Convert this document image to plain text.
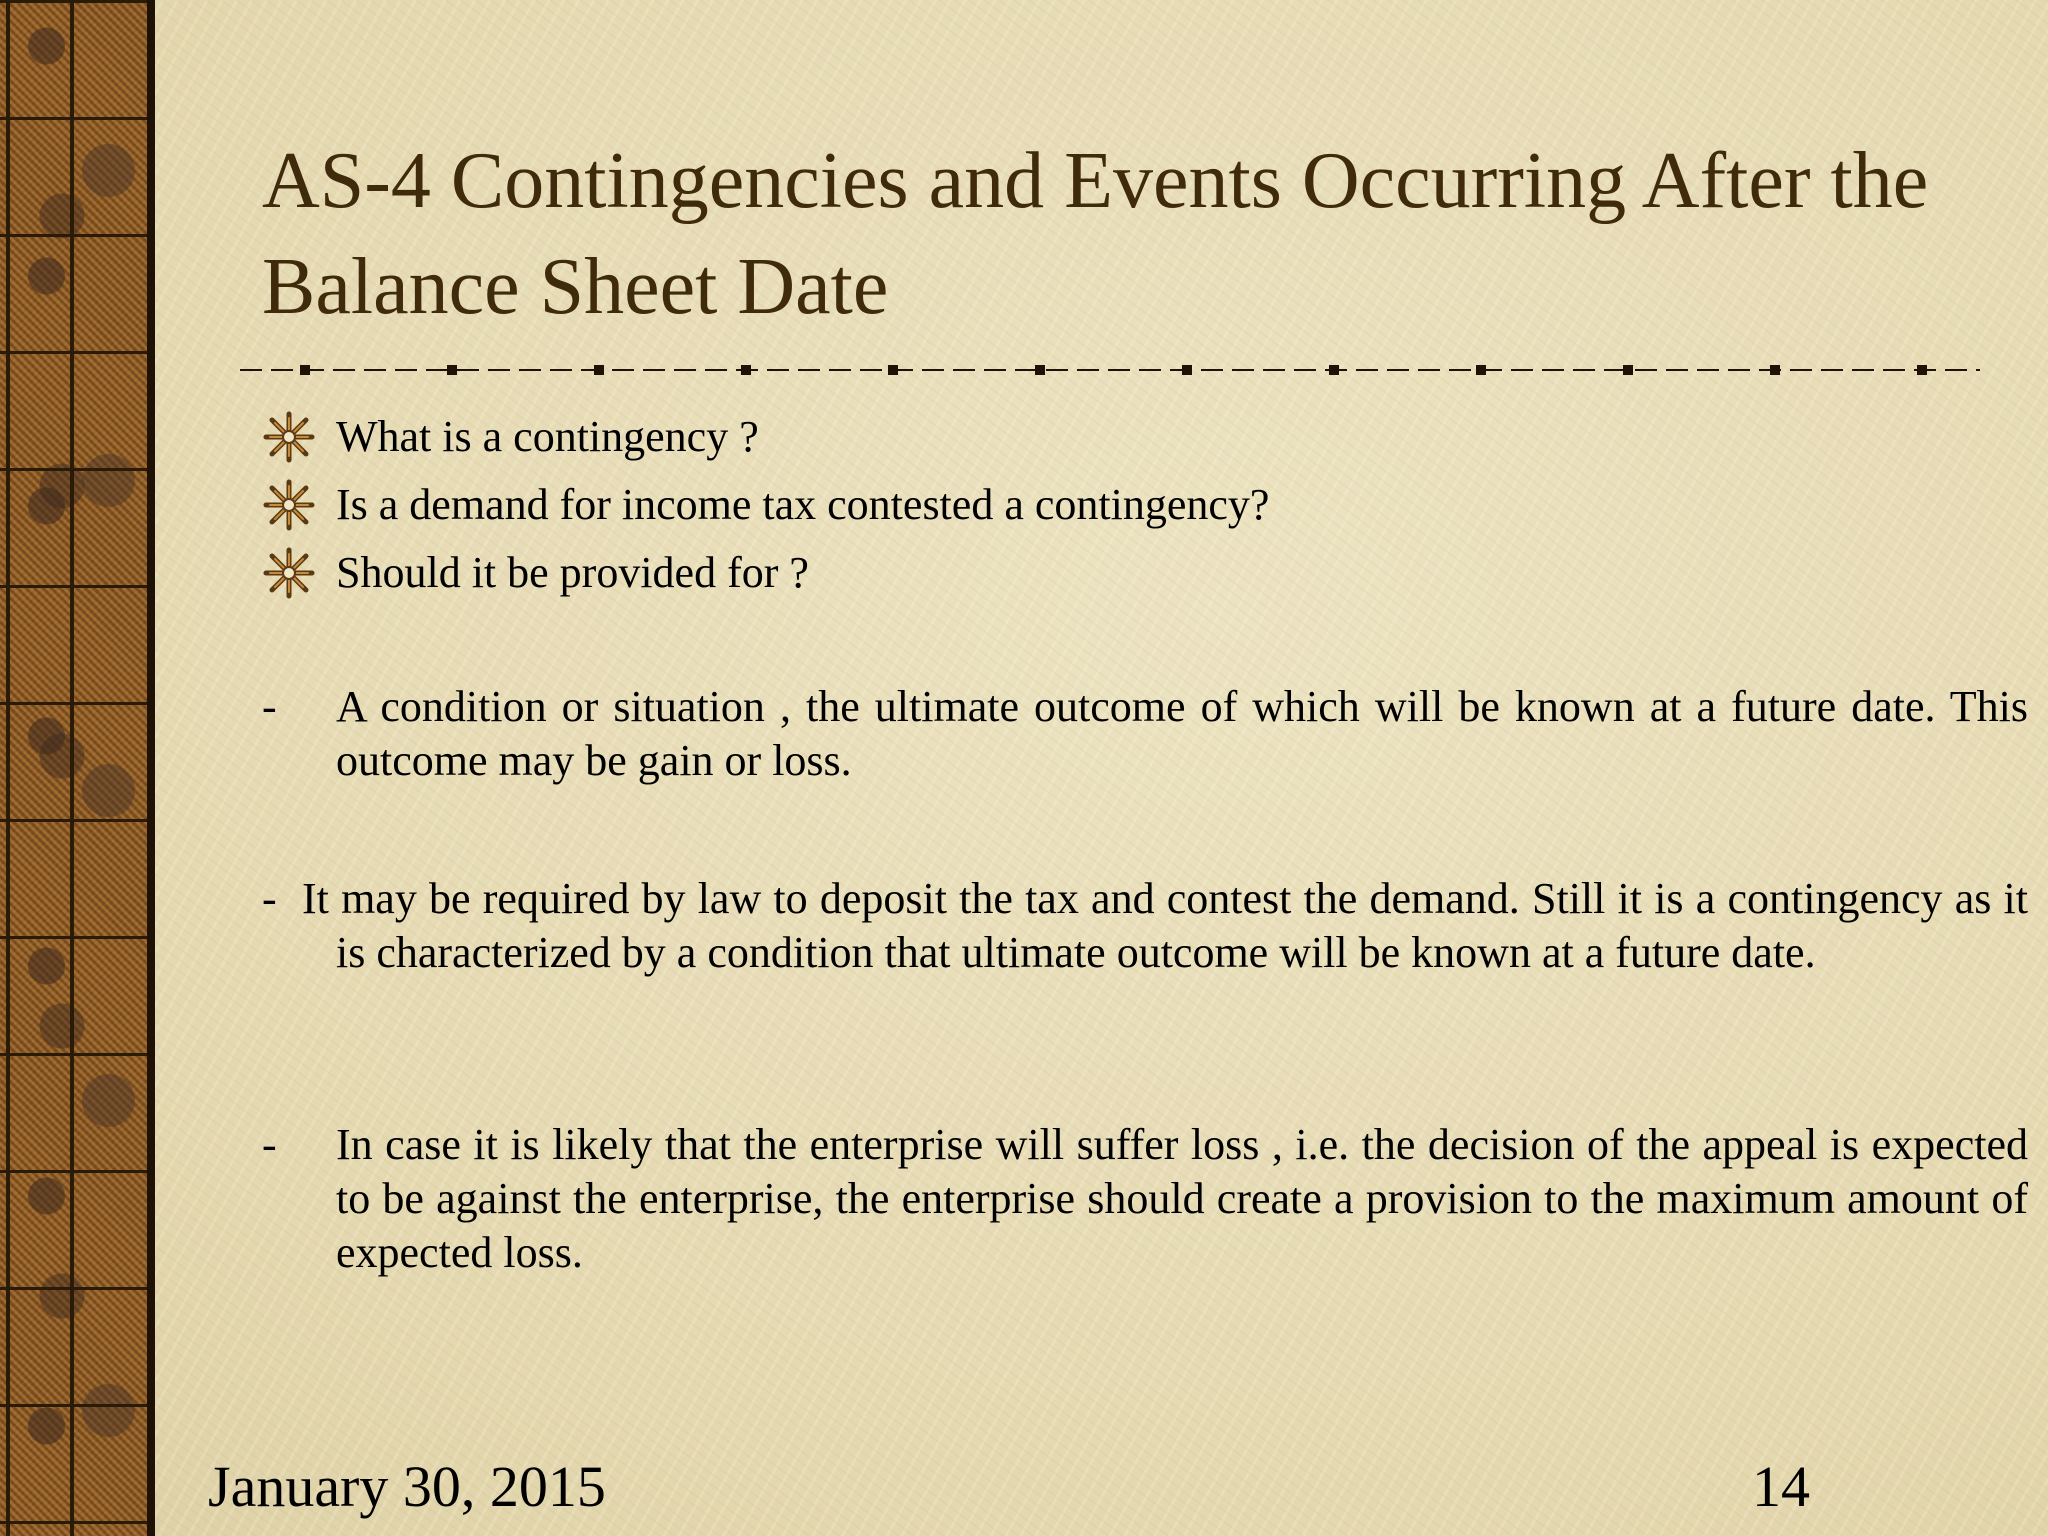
AS-4 Contingencies and Events Occurring After the Balance Sheet Date
What is a contingency ?
Is a demand for income tax contested a contingency?
Should it be provided for ?

- A condition or situation , the ultimate outcome of which will be known at a future date. This outcome may be gain or loss.

- It may be required by law to deposit the tax and contest the demand. Still it is a contingency as it is characterized by a condition that ultimate outcome will be known at a future date.

- In case it is likely that the enterprise will suffer loss , i.e. the decision of the appeal is expected to be against the enterprise, the enterprise should create a provision to the maximum amount of expected loss.

January 30, 2015	14
